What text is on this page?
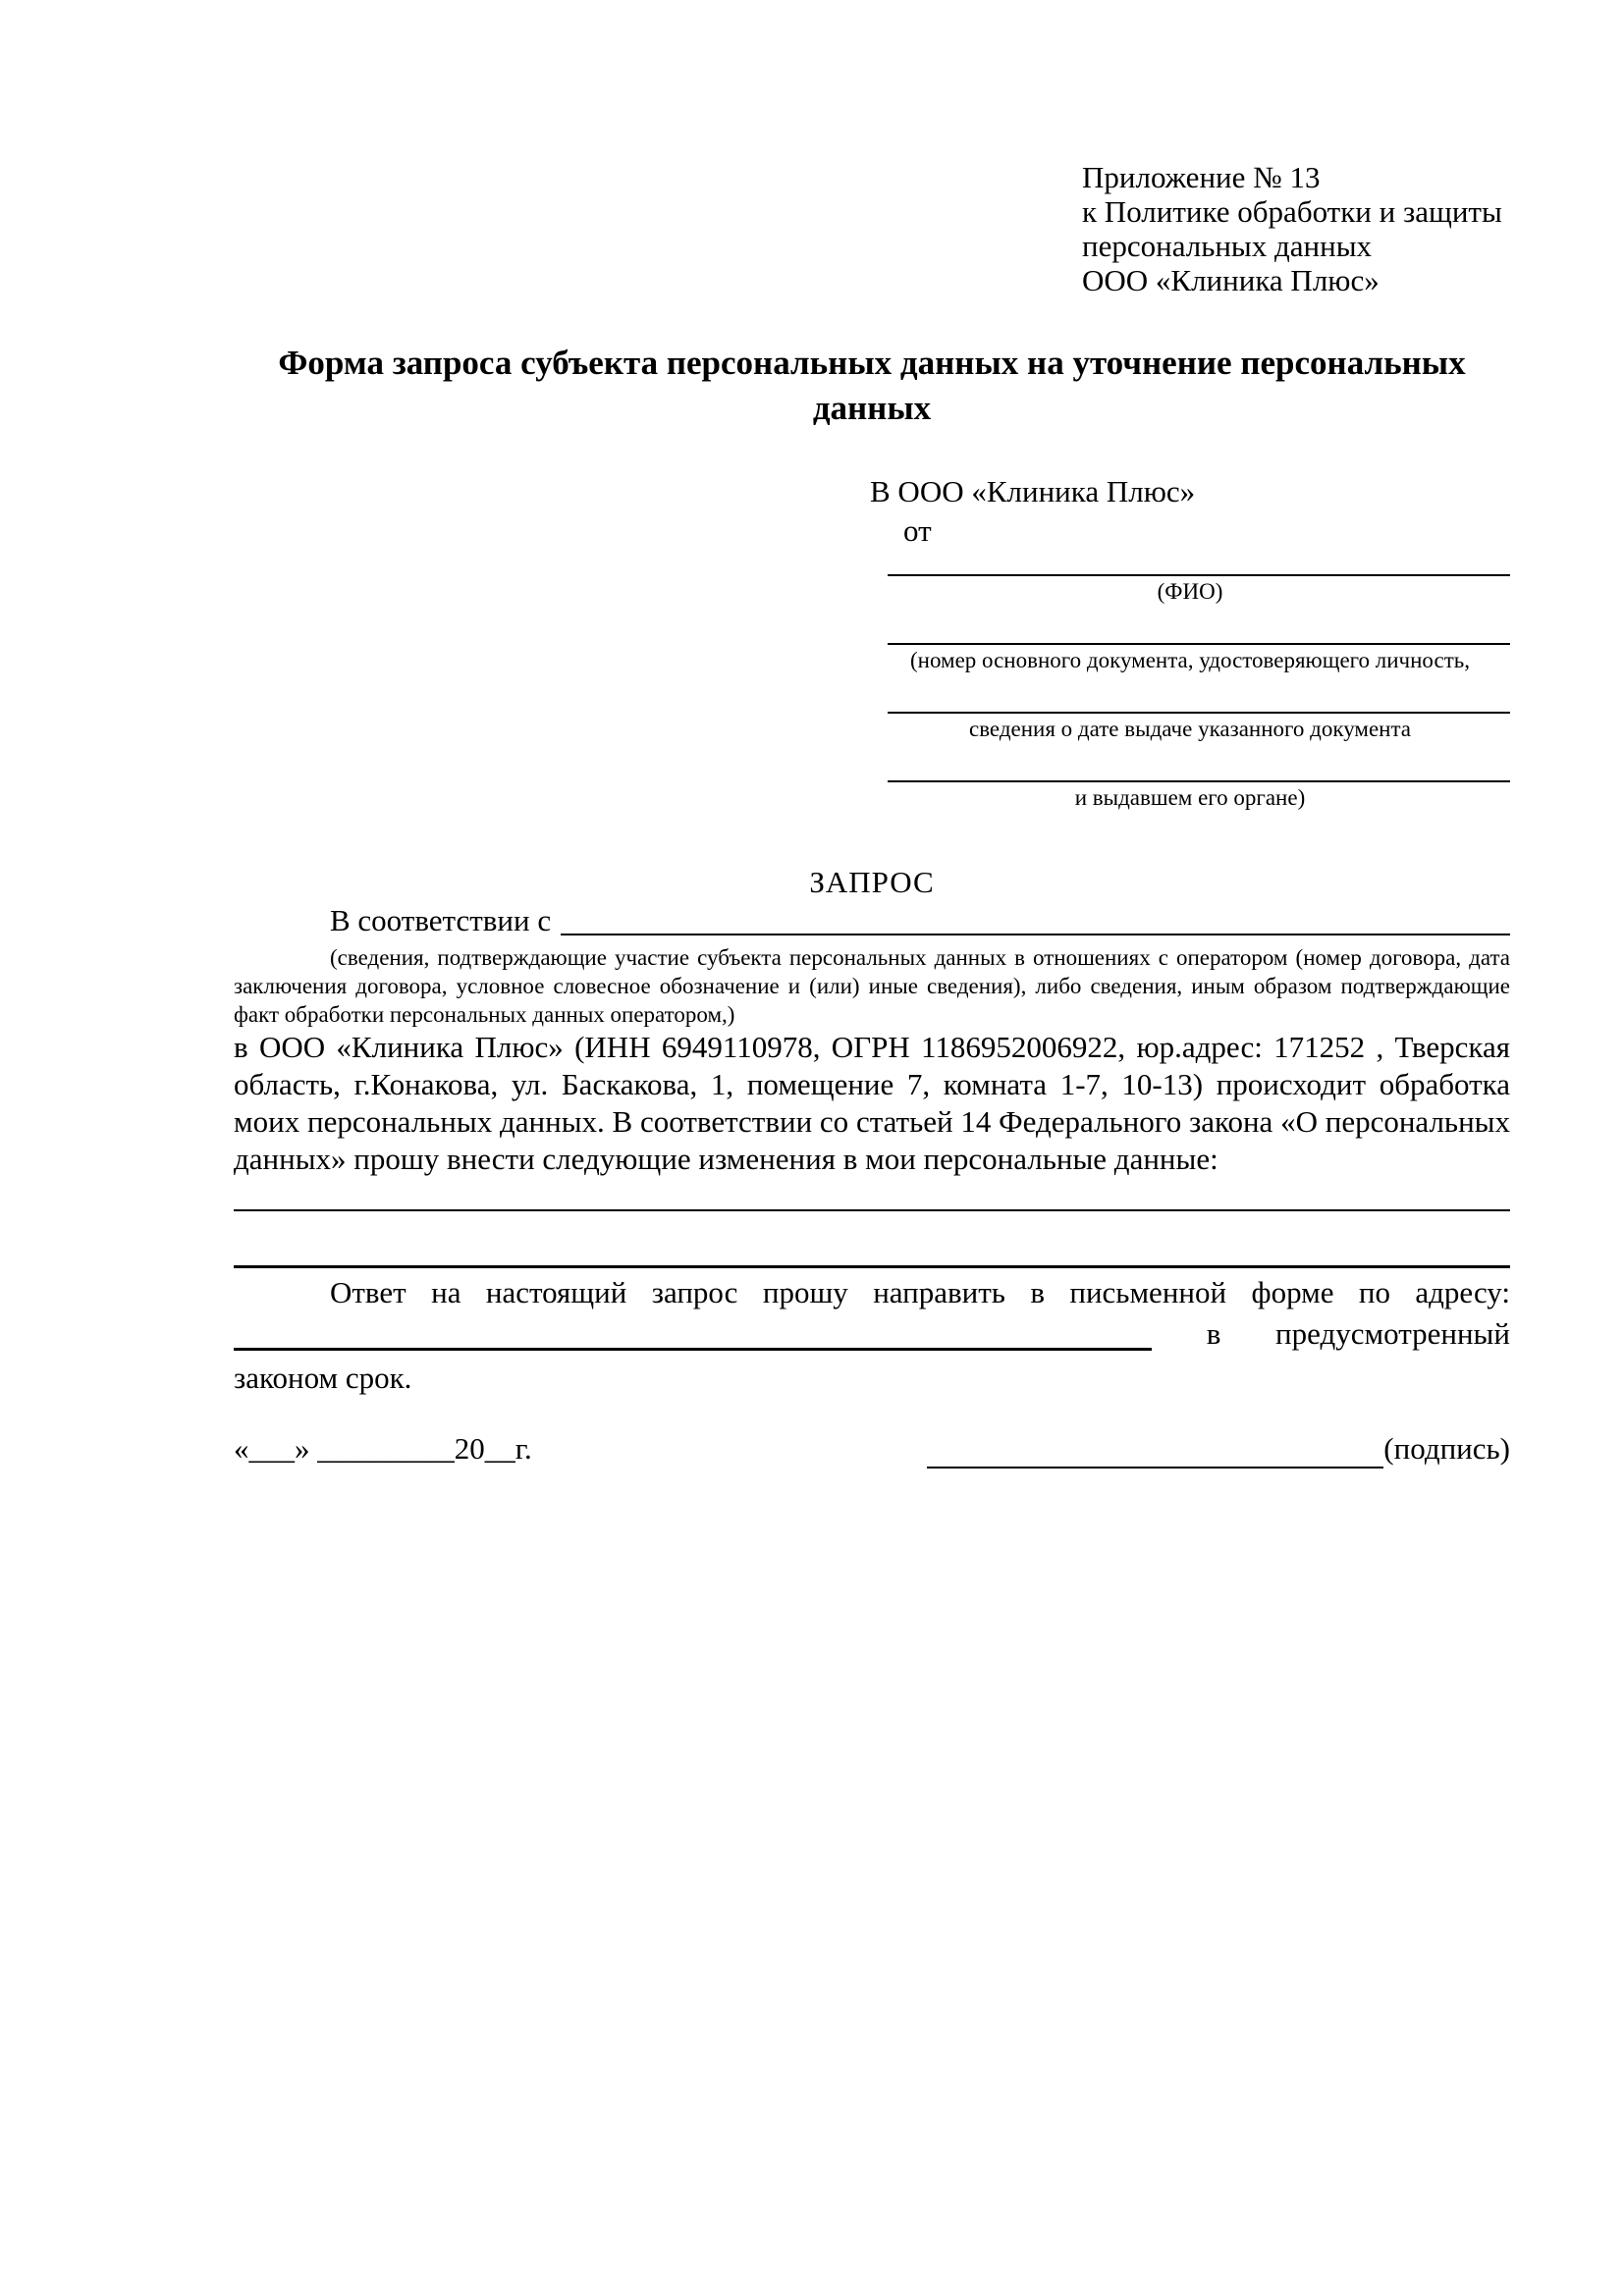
Приложение № 13
к Политике обработки и защиты
персональных данных
ООО «Клиника Плюс»
Форма запроса субъекта персональных данных на уточнение персональных данных
В ООО «Клиника Плюс»
от
(ФИО)
(номер основного документа, удостоверяющего личность,
сведения о дате выдаче указанного документа
и выдавшем его органе)
ЗАПРОС
В соответствии с
(сведения, подтверждающие участие субъекта персональных данных в отношениях с оператором (номер договора, дата заключения договора, условное словесное обозначение и (или) иные сведения), либо сведения, иным образом подтверждающие факт обработки персональных данных оператором,)
в ООО «Клиника Плюс» (ИНН 6949110978, ОГРН 1186952006922, юр.адрес: 171252 , Тверская область, г.Конакова, ул. Баскакова, 1, помещение 7, комната 1-7, 10-13) происходит обработка моих персональных данных. В соответствии со статьей 14 Федерального закона «О персональных данных» прошу внести следующие изменения в мои персональные данные:
Ответ на настоящий запрос прошу направить в письменной форме по адресу:
в предусмотренный
законом срок.
«___» _________20__г.	(подпись)
